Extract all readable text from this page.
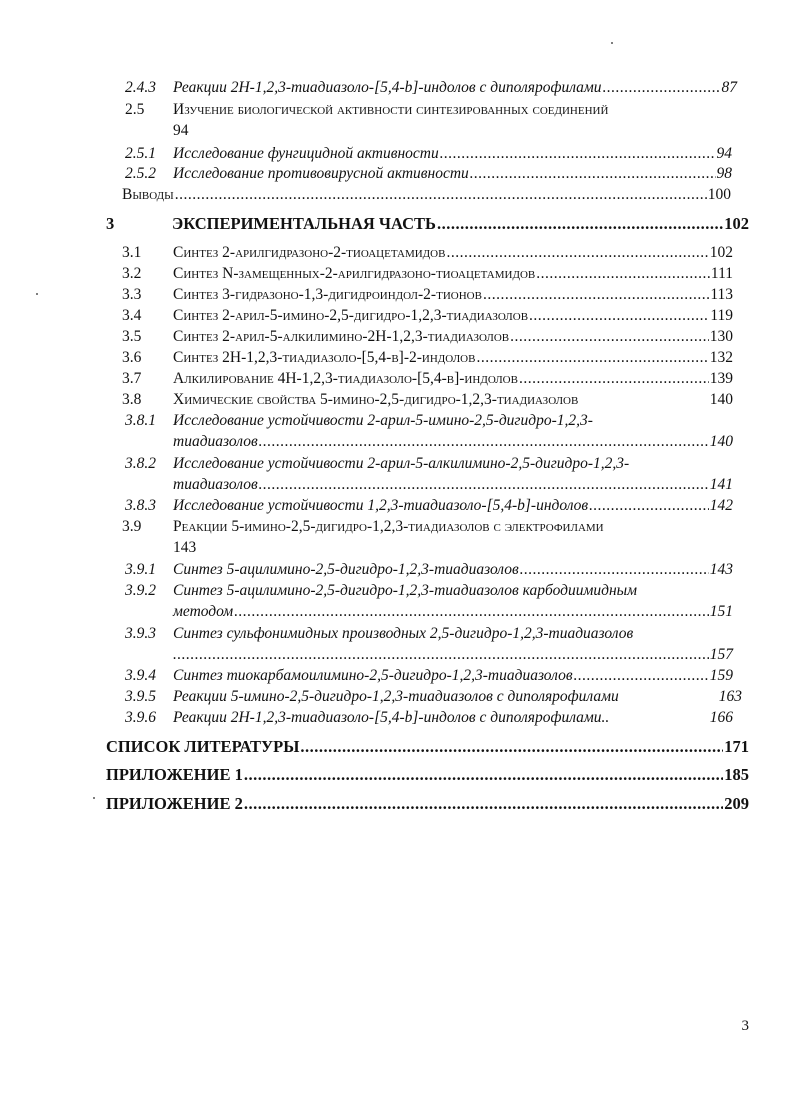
2.4.3 Реакции 2Н-1,2,3-тиадиазоло-[5,4-b]-индолов с диполярофилами .....	87
2.5 Изучение биологической активности синтезированных соединений
94
2.5.1 Исследование фунгицидной активности .....	94
2.5.2 Исследование противовирусной активности .....	98
Выводы .....	100
3	ЭКСПЕРИМЕНТАЛЬНАЯ ЧАСТЬ .....	102
3.1 Синтез 2-арилгидразоно-2-тиоацетамидов .....	102
3.2 Синтез N-замещенных-2-арилгидразоно-тиоацетамидов .....	111
3.3 Синтез 3-гидразоно-1,3-дигидроиндол-2-тионов .....	113
3.4 Синтез 2-арил-5-имино-2,5-дигидро-1,2,3-тиадиазолов .....	119
3.5 Синтез 2-арил-5-алкилимино-2Н-1,2,3-тиадиазолов .....	130
3.6 Синтез 2Н-1,2,3-тиадиазоло-[5,4-в]-2-индолов .....	132
3.7 Алкилирование 4Н-1,2,3-тиадиазоло-[5,4-в]-индолов .....	139
3.8 Химические свойства 5-имино-2,5-дигидро-1,2,3-тиадиазолов	140
3.8.1 Исследование устойчивости 2-арил-5-имино-2,5-дигидро-1,2,3-
тиадиазолов .....	140
3.8.2 Исследование устойчивости 2-арил-5-алкилимино-2,5-дигидро-1,2,3-
тиадиазолов .....	141
3.8.3 Исследование устойчивости 1,2,3-тиадиазоло-[5,4-b]-индолов .....	142
3.9 Реакции 5-имино-2,5-дигидро-1,2,3-тиадиазолов с электрофилами
143
3.9.1 Синтез 5-ацилимино-2,5-дигидро-1,2,3-тиадиазолов .....	143
3.9.2 Синтез 5-ацилимино-2,5-дигидро-1,2,3-тиадиазолов карбодиимидным
методом .....	151
3.9.3 Синтез сульфонимидных производных 2,5-дигидро-1,2,3-тиадиазолов
.....
157
3.9.4 Синтез тиокарбамоилимино-2,5-дигидро-1,2,3-тиадиазолов .....	159
3.9.5 Реакции 5-имино-2,5-дигидро-1,2,3-тиадиазолов с диполярофилами	163
3.9.6 Реакции 2Н-1,2,3-тиадиазоло-[5,4-b]-индолов с диполярофилами..	166
СПИСОК ЛИТЕРАТУРЫ .....	171
ПРИЛОЖЕНИЕ 1 .....	185
ПРИЛОЖЕНИЕ 2 .....	209
3
